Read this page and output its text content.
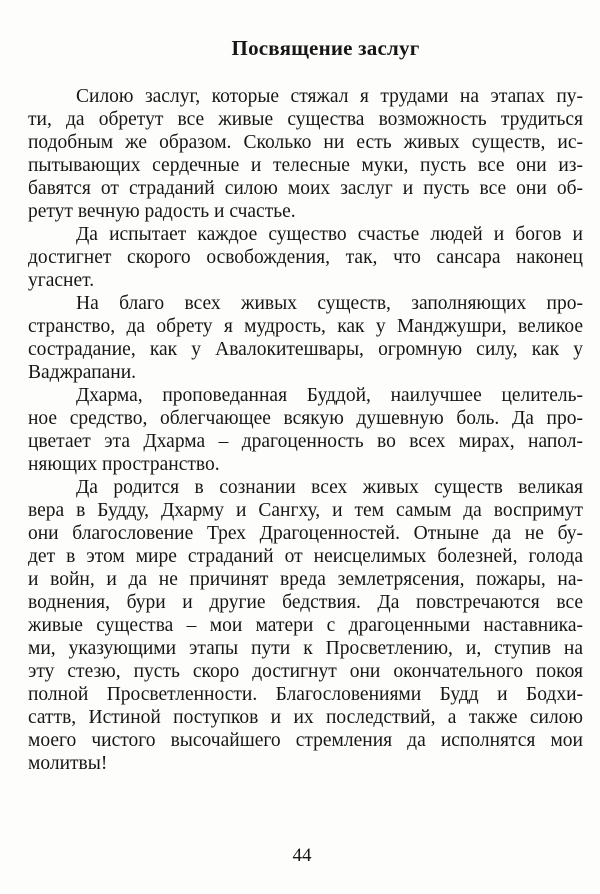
Посвящение заслуг
Силою заслуг, которые стяжал я трудами на этапах пу-
ти, да обретут все живые существа возможность трудиться
подобным же образом. Сколько ни есть живых существ, ис-
пытывающих сердечные и телесные муки, пусть все они из-
бавятся от страданий силою моих заслуг и пусть все они об-
ретут вечную радость и счастье.
Да испытает каждое существо счастье людей и богов и
достигнет скорого освобождения, так, что сансара наконец
угаснет.
На благо всех живых существ, заполняющих про-
странство, да обрету я мудрость, как у Манджушри, великое
сострадание, как у Авалокитешвары, огромную силу, как у
Ваджрапани.
Дхарма, проповеданная Буддой, наилучшее целитель-
ное средство, облегчающее всякую душевную боль. Да про-
цветает эта Дхарма – драгоценность во всех мирах, напол-
няющих пространство.
Да родится в сознании всех живых существ великая
вера в Будду, Дхарму и Сангху, и тем самым да воспримут
они благословение Трех Драгоценностей. Отныне да не бу-
дет в этом мире страданий от неисцелимых болезней, голода
и войн, и да не причинят вреда землетрясения, пожары, на-
воднения, бури и другие бедствия. Да повстречаются все
живые существа – мои матери с драгоценными наставника-
ми, указующими этапы пути к Просветлению, и, ступив на
эту стезю, пусть скоро достигнут они окончательного покоя
полной Просветленности. Благословениями Будд и Бодхи-
саттв, Истиной поступков и их последствий, а также силою
моего чистого высочайшего стремления да исполнятся мои
молитвы!
44
